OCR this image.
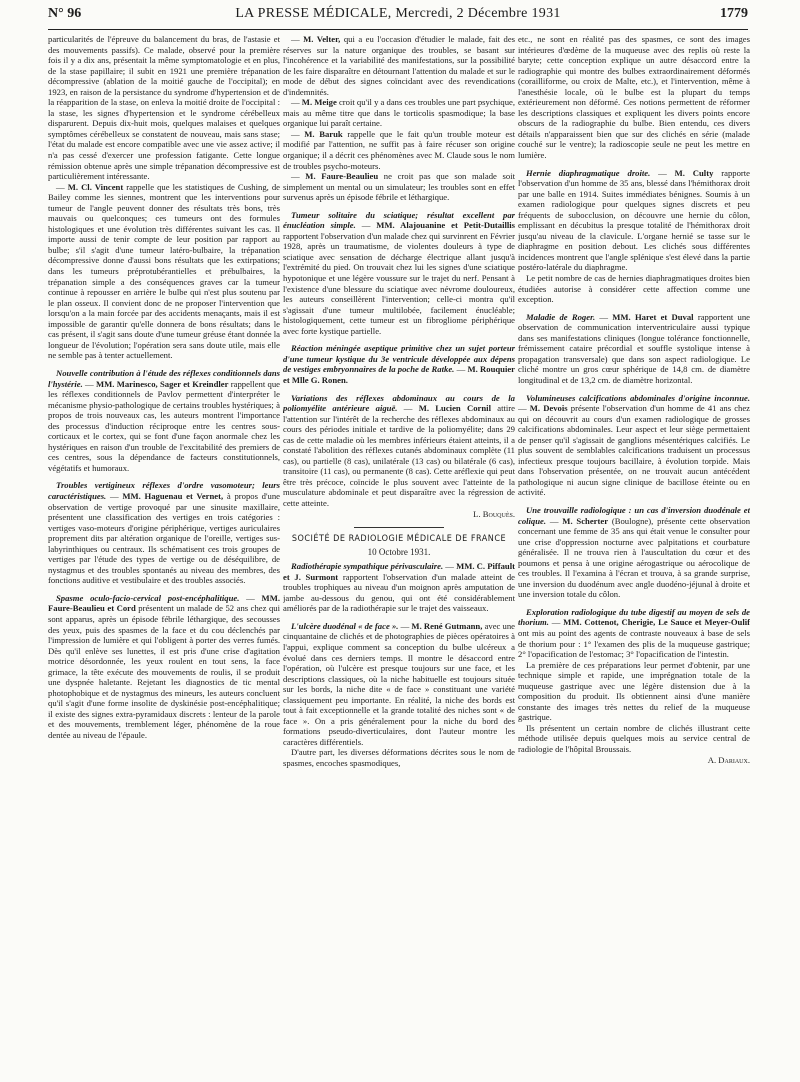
N° 96	LA PRESSE MÉDICALE, Mercredi, 2 Décembre 1931	1779

particularités de l'épreuve du balancement du bras, de l'astasie et des mouvements passifs). Ce malade, observé pour la première fois il y a dix ans, présentait la même symptomatologie et en plus, de la stase papillaire; il subit en 1921 une première trépanation décompressive (ablation de la moitié gauche de l'occipital); en 1923, en raison de la persistance du syndrome d'hypertension et de la réapparition de la stase, on enleva la moitié droite de l'occipital : la stase, les signes d'hypertension et le syndrome cérébelleux disparurent. Depuis dix-huit mois, quelques malaises et quelques symptômes cérébelleux se constatent de nouveau, mais sans stase; l'état du malade est encore compatible avec une vie assez active; il n'a pas cessé d'exercer une profession fatigante. Cette longue rémission obtenue après une simple trépanation décompressive est particulièrement intéressante.

— M. Cl. Vincent rappelle que les statistiques de Cushing, de Bailey comme les siennes, montrent que les interventions pour tumeur de l'angle peuvent donner des résultats très bons, très mauvais ou quelconques; ces tumeurs ont des formules histologiques et une évolution très différentes suivant les cas. Il importe aussi de tenir compte de leur position par rapport au bulbe; s'il s'agit d'une tumeur latéro-bulbaire, la trépanation décompressive donne d'aussi bons résultats que les extirpations; dans les tumeurs préprotubérantielles et prébulbaires, la trépanation simple a des conséquences graves car la tumeur continue à repousser en arrière le bulbe qui n'est plus soutenu par le plan osseux. Il convient donc de ne proposer l'intervention que lorsqu'on a la main forcée par des accidents menaçants, mais il est impossible de garantir qu'elle donnera de bons résultats; dans le cas présent, il s'agit sans doute d'une tumeur gréuse étant donnée la longueur de l'évolution; l'opération sera sans doute utile, mais elle ne semble pas à tenter actuellement.

Nouvelle contribution à l'étude des réflexes conditionnels dans l'hystérie. — MM. Marinesco, Sager et Kreindler rappellent que les réflexes conditionnels de Pavlov permettent d'interpréter le mécanisme physio-pathologique de certains troubles hystériques; à propos de trois nouveaux cas, les auteurs montrent l'importance des processus d'induction réciproque entre les centres sous-corticaux et le cortex, qui se font d'une façon anormale chez les hystériques en raison d'un trouble de l'excitabilité des premiers de ces centres, sous la dépendance de facteurs constitutionnels, végétatifs et humoraux.

Troubles vertigineux réflexes d'ordre vasomoteur; leurs caractéristiques. — MM. Haguenau et Vernet, à propos d'une observation de vertige provoqué par une sinusite maxillaire, présentent une classification des vertiges en trois catégories : vertiges vaso-moteurs d'origine périphérique, vertiges auriculaires proprement dits par altération organique de l'oreille, vertiges sus-labyrinthiques ou centraux. Ils schématisent ces trois groupes de vertiges par l'étude des types de vertige ou de déséquilibre, de nystagmus et des troubles spontanés au niveau des membres, des fonctions auditive et vestibulaire et des troubles associés.

Spasme oculo-facio-cervical post-encéphalitique. — MM. Faure-Beaulieu et Cord présentent un malade de 52 ans chez qui sont apparus, après un épisode fébrile léthargique, des secousses des yeux, puis des spasmes de la face et du cou déclenchés par l'impression de lumière et qui l'obligent à porter des verres fumés. Dès qu'il enlève ses lunettes, il est pris d'une crise d'agitation motrice désordonnée, les yeux roulent en tout sens, la face grimace, la tête exécute des mouvements de roulis, il se produit une dyspnée haletante. Rejetant les diagnostics de tic mental photophobique et de nystagmus des mineurs, les auteurs concluent qu'il s'agit d'une forme insolite de dyskinésie post-encéphalitique; il existe des signes extra-pyramidaux discrets : lenteur de la parole et des mouvements, tremblement léger, phénomène de la roue dentée au niveau de l'épaule.

— M. Velter, qui a eu l'occasion d'étudier le malade, fait des réserves sur la nature organique des troubles, se basant sur l'incohérence et la variabilité des manifestations, sur la possibilité de les faire disparaître en détournant l'attention du malade et sur le mode de début des signes coïncidant avec des revendications d'indemnités.

— M. Meige croit qu'il y a dans ces troubles une part psychique, mais au même titre que dans le torticolis spasmodique; la base organique lui paraît certaine.

— M. Baruk rappelle que le fait qu'un trouble moteur est modifié par l'attention, ne suffit pas à faire récuser son origine organique; il a décrit ces phénomènes avec M. Claude sous le nom de troubles psycho-moteurs.

— M. Faure-Beaulieu ne croit pas que son malade soit simplement un mental ou un simulateur; les troubles sont en effet survenus après un épisode fébrile et léthargique.

Tumeur solitaire du sciatique; résultat excellent par énucléation simple. — MM. Alajouanine et Petit-Dutaillis rapportent l'observation d'un malade chez qui survinrent en Février 1928, après un traumatisme, de violentes douleurs à type de sciatique avec sensation de décharge électrique allant jusqu'à l'extrémité du pied. On trouvait chez lui les signes d'une sciatique hypotonique et une légère voussure sur le trajet du nerf. Pensant à l'existence d'une blessure du sciatique avec névrome douloureux, les auteurs conseillèrent l'intervention; celle-ci montra qu'il s'agissait d'une tumeur multilobée, facilement énucléable; histologiquement, cette tumeur est un fibrogliome périphérique avec forte kystique partielle.

Réaction méningée aseptique primitive chez un sujet porteur d'une tumeur kystique du 3e ventricule développée aux dépens de vestiges embryonnaires de la poche de Ratke. — M. Rouquier et Mlle G. Ronen.

Variations des réflexes abdominaux au cours de la poliomyélite antérieure aiguë. — M. Lucien Cornil attire l'attention sur l'intérêt de la recherche des réflexes abdominaux au cours des périodes initiale et tardive de la poliomyélite; dans 29 cas de cette maladie où les membres inférieurs étaient atteints, il a constaté l'abolition des réflexes cutanés abdominaux complète (11 cas), ou partielle (8 cas), unilatérale (13 cas) ou bilatérale (6 cas), transitoire (11 cas), ou permanente (8 cas). Cette aréflexie qui peut être très précoce, coïncide le plus souvent avec l'atteinte de la musculature abdominale et peut disparaître avec la régression de cette atteinte.

L. Bouquès.

SOCIÉTÉ DE RADIOLOGIE MÉDICALE DE FRANCE
10 Octobre 1931.

Radiothérapie sympathique périvasculaire. — MM. C. Piffault et J. Surmont rapportent l'observation d'un malade atteint de troubles trophiques au niveau d'un moignon après amputation de jambe au-dessous du genou, qui ont été considérablement améliorés par de la radiothérapie sur le trajet des vaisseaux.

L'ulcère duodénal « de face ». — M. René Gutmann, avec une cinquantaine de clichés et de photographies de pièces opératoires à l'appui, explique comment sa conception du bulbe ulcéreux a évolué dans ces derniers temps. Il montre le désaccord entre l'opération, où l'ulcère est presque toujours sur une face, et les descriptions classiques, où la niche habituelle est toujours située sur les bords, la niche dite « de face » constituant une variété classiquement peu importante. En réalité, la niche des bords est tout à fait exceptionnelle et la grande totalité des niches sont « de face ». On a pris généralement pour la niche du bord des formations pseudo-diverticulaires, dont l'auteur montre les caractères différentiels.

D'autre part, les diverses déformations décrites sous le nom de spasmes, encoches spasmodiques,

etc., ne sont en réalité pas des spasmes, ce sont des images intérieures d'œdème de la muqueuse avec des replis où reste la baryte; cette conception explique un autre désaccord entre la radiographie qui montre des bulbes extraordinairement déformés (corailliforme, ou croix de Malte, etc.), et l'intervention, même à l'anesthésie locale, où le bulbe est la plupart du temps extérieurement non déformé. Ces notions permettent de réformer les descriptions classiques et expliquent les divers points encore obscurs de la radiographie du bulbe. Bien entendu, ces divers détails n'apparaissent bien que sur des clichés en série (malade couché sur le ventre); la radioscopie seule ne peut les mettre en lumière.

Hernie diaphragmatique droite. — M. Culty rapporte l'observation d'un homme de 35 ans, blessé dans l'hémithorax droit par une balle en 1914. Suites immédiates bénignes. Soumis à un examen radiologique pour quelques signes discrets et peu fréquents de subocclusion, on découvre une hernie du côlon, emplissant en décubitus la presque totalité de l'hémithorax droit jusqu'au niveau de la clavicule. L'organe hernié se tasse sur le diaphragme en position debout. Les clichés sous différentes incidences montrent que l'angle splénique s'est élevé dans la partie postéro-latérale du diaphragme.

Le petit nombre de cas de hernies diaphragmatiques droites bien étudiées autorise à considérer cette affection comme une exception.

Maladie de Roger. — MM. Haret et Duval rapportent une observation de communication interventriculaire aussi typique dans ses manifestations cliniques (longue tolérance fonctionnelle, frémissement cataire précordial et souffle systolique intense à propagation transversale) que dans son aspect radiologique. Le cliché montre un gros cœur sphérique de 14,8 cm. de diamètre longitudinal et de 13,2 cm. de diamètre horizontal.

Volumineuses calcifications abdominales d'origine inconnue. — M. Devois présente l'observation d'un homme de 41 ans chez qui on découvrit au cours d'un examen radiologique de grosses calcifications abdominales. Leur aspect et leur siège permettaient de penser qu'il s'agissait de ganglions mésentériques calcifiés. Le plus souvent de semblables calcifications traduisent un processus infectieux presque toujours bacillaire, à évolution torpide. Mais dans l'observation présentée, on ne trouvait aucun antécédent pathologique ni aucun signe clinique de bacillose éteinte ou en activité.

Une trouvaille radiologique : un cas d'inversion duodénale et colique. — M. Scherter (Boulogne), présente cette observation concernant une femme de 35 ans qui était venue le consulter pour une crise d'oppression nocturne avec palpitations et courbature généralisée. Il ne trouva rien à l'auscultation du cœur et des poumons et pensa à une origine aérogastrique ou aérocolique de ces troubles. Il l'examina à l'écran et trouva, à sa grande surprise, une inversion du duodénum avec angle duodéno-jéjunal à droite et une inversion totale du côlon.

Exploration radiologique du tube digestif au moyen de sels de thorium. — MM. Cottenot, Cherigie, Le Sauce et Meyer-Oulif ont mis au point des agents de contraste nouveaux à base de sels de thorium pour : 1° l'examen des plis de la muqueuse gastrique; 2° l'opacification de l'estomac; 3° l'opacification de l'intestin.

La première de ces préparations leur permet d'obtenir, par une technique simple et rapide, une imprégnation totale de la muqueuse gastrique avec une légère distension due à la composition du produit. Ils obtiennent ainsi d'une manière constante des images très nettes du relief de la muqueuse gastrique.

Ils présentent un certain nombre de clichés illustrant cette méthode utilisée depuis quelques mois au service central de radiologie de l'hôpital Broussais.

A. Dariaux.
